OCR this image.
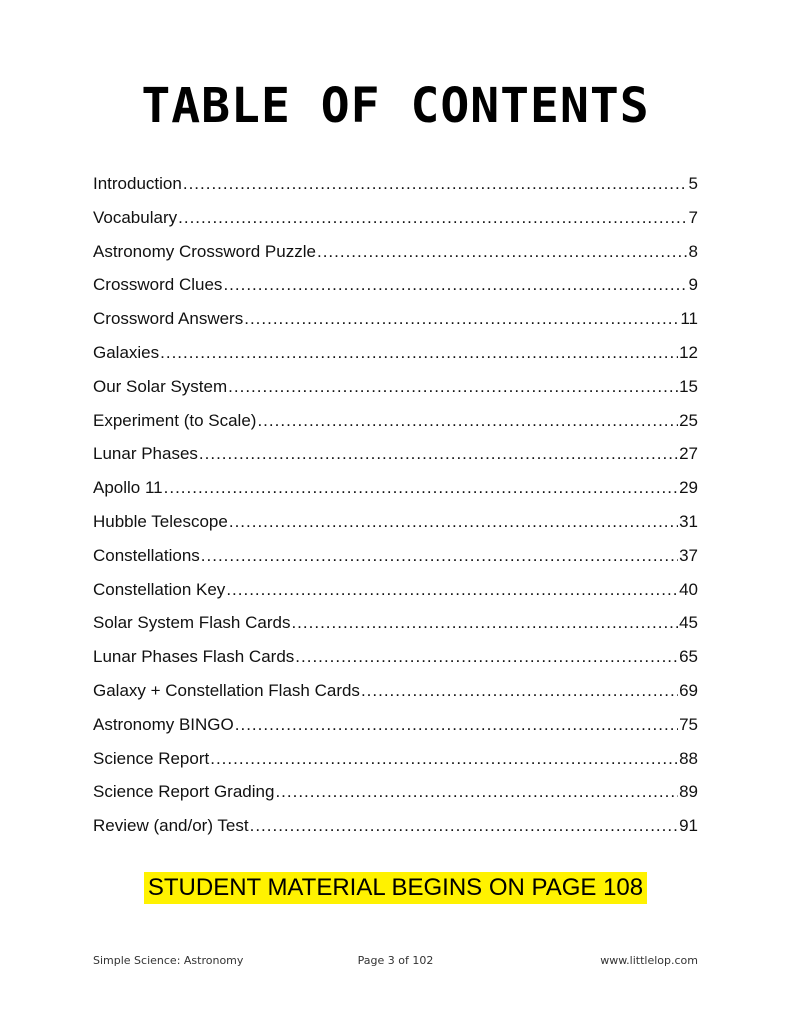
TABLE OF CONTENTS
Introduction .....	5
Vocabulary .....	7
Astronomy Crossword Puzzle .....	8
Crossword Clues .....	9
Crossword Answers .....	11
Galaxies .....	12
Our Solar System .....	15
Experiment (to Scale) .....	25
Lunar Phases .....	27
Apollo 11 .....	29
Hubble Telescope .....	31
Constellations .....	37
Constellation Key .....	40
Solar System Flash Cards .....	45
Lunar Phases Flash Cards .....	65
Galaxy + Constellation Flash Cards .....	69
Astronomy BINGO .....	75
Science Report .....	88
Science Report Grading .....	89
Review (and/or) Test .....	91
STUDENT MATERIAL BEGINS ON PAGE 108
Simple Science: Astronomy	Page 3 of 102	www.littlelop.com
